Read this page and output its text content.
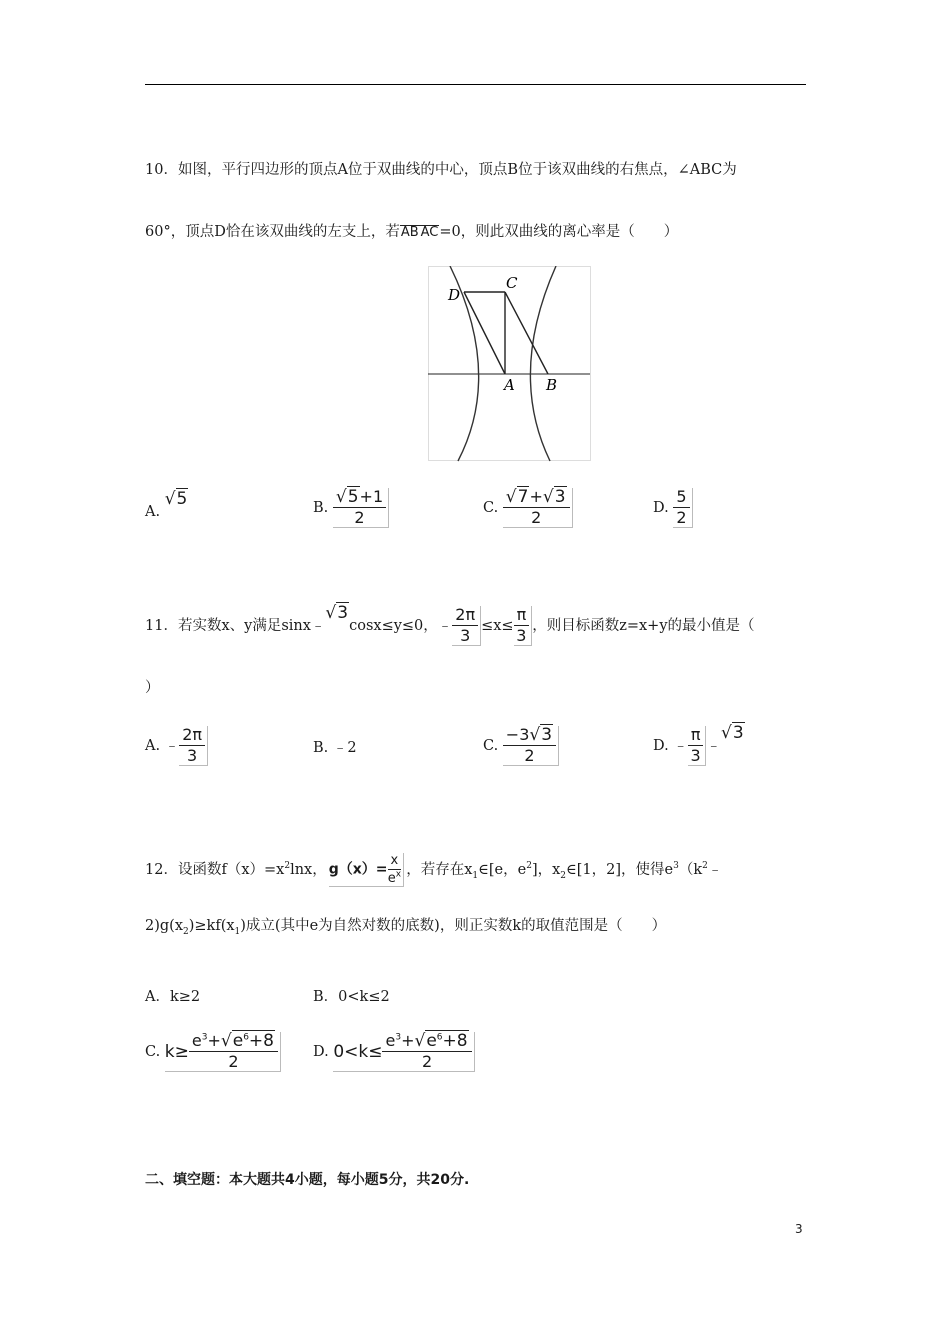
10．如图，平行四边形的顶点A位于双曲线的中心，顶点B位于该双曲线的右焦点，∠ABC为
60°，顶点D恰在该双曲线的左支上，若AB AC=0，则此双曲线的离心率是（　　）
D
C
A B
A. √5	B. $\frac{√5+1}{2}$	C. $\frac{√7+√3}{2}$	D. $\frac{5}{2}$
11．若实数x、y满足sinx﹣√3cosx≤y≤0，﹣ $\frac{2\pi}{3} \le x\le \frac{\pi}{3}$ ，则目标函数z=x+y的最小值是（
）
A. ﹣ $\frac{2\pi}{3}$	B. ﹣2	C. $\frac{-3√3}{2}$	D. ﹣ $\frac{\pi}{3}$ ﹣√3
12．设函数$f(x)=x^2\ln x$， $g(x)= \frac{x}{e^x}$ ，若存在$x_1\in[e$，$e^2$]，$x_2\in[1$，2]，使得$e^3(k^2﹣$
$2)g(x_2)\ge kf(x_1)$成立(其中e为自然对数的底数)，则正实数k的取值范围是（　　）
A．k≥2	B．0<k≤2
C. $k\ge \frac{e^3+√e^6+8}{2} D$. $0<k\le \frac{e^3+√e^6+8}{2}$
二、填空题：本大题共4小题，每小题5分，共20分.
3
